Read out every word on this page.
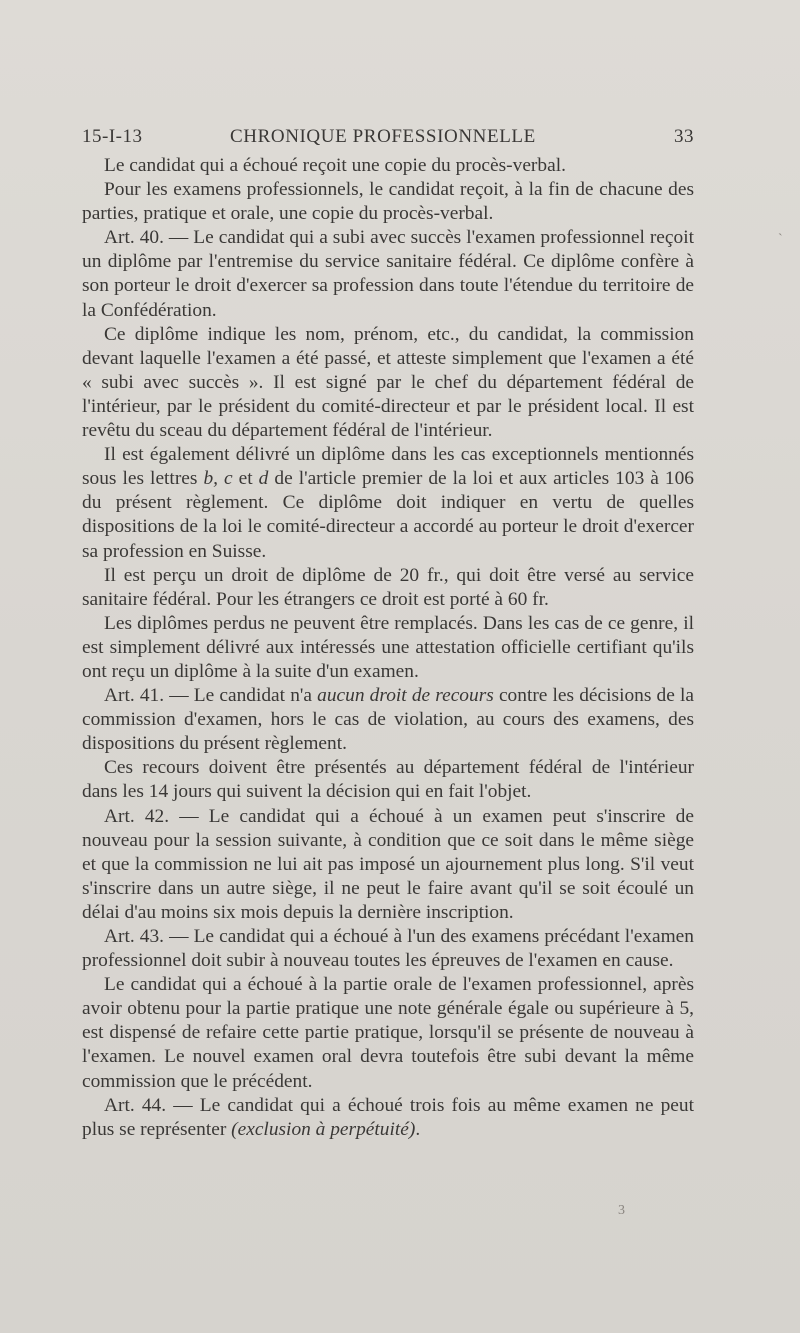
15-I-13	CHRONIQUE PROFESSIONNELLE	33

Le candidat qui a échoué reçoit une copie du procès-verbal.

Pour les examens professionnels, le candidat reçoit, à la fin de chacune des parties, pratique et orale, une copie du procès-verbal.

Art. 40. — Le candidat qui a subi avec succès l'examen professionnel reçoit un diplôme par l'entremise du service sanitaire fédéral. Ce diplôme confère à son porteur le droit d'exercer sa profession dans toute l'étendue du territoire de la Confédération.

Ce diplôme indique les nom, prénom, etc., du candidat, la commission devant laquelle l'examen a été passé, et atteste simplement que l'examen a été « subi avec succès ». Il est signé par le chef du département fédéral de l'intérieur, par le président du comité-directeur et par le président local. Il est revêtu du sceau du département fédéral de l'intérieur.

Il est également délivré un diplôme dans les cas exceptionnels mentionnés sous les lettres b, c et d de l'article premier de la loi et aux articles 103 à 106 du présent règlement. Ce diplôme doit indiquer en vertu de quelles dispositions de la loi le comité-directeur a accordé au porteur le droit d'exercer sa profession en Suisse.

Il est perçu un droit de diplôme de 20 fr., qui doit être versé au service sanitaire fédéral. Pour les étrangers ce droit est porté à 60 fr.

Les diplômes perdus ne peuvent être remplacés. Dans les cas de ce genre, il est simplement délivré aux intéressés une attestation officielle certifiant qu'ils ont reçu un diplôme à la suite d'un examen.

Art. 41. — Le candidat n'a aucun droit de recours contre les décisions de la commission d'examen, hors le cas de violation, au cours des examens, des dispositions du présent règlement.

Ces recours doivent être présentés au département fédéral de l'intérieur dans les 14 jours qui suivent la décision qui en fait l'objet.

Art. 42. — Le candidat qui a échoué à un examen peut s'inscrire de nouveau pour la session suivante, à condition que ce soit dans le même siège et que la commission ne lui ait pas imposé un ajournement plus long. S'il veut s'inscrire dans un autre siège, il ne peut le faire avant qu'il se soit écoulé un délai d'au moins six mois depuis la dernière inscription.

Art. 43. — Le candidat qui a échoué à l'un des examens précédant l'examen professionnel doit subir à nouveau toutes les épreuves de l'examen en cause.

Le candidat qui a échoué à la partie orale de l'examen professionnel, après avoir obtenu pour la partie pratique une note générale égale ou supérieure à 5, est dispensé de refaire cette partie pratique, lorsqu'il se présente de nouveau à l'examen. Le nouvel examen oral devra toutefois être subi devant la même commission que le précédent.

Art. 44. — Le candidat qui a échoué trois fois au même examen ne peut plus se représenter (exclusion à perpétuité).

`
3
